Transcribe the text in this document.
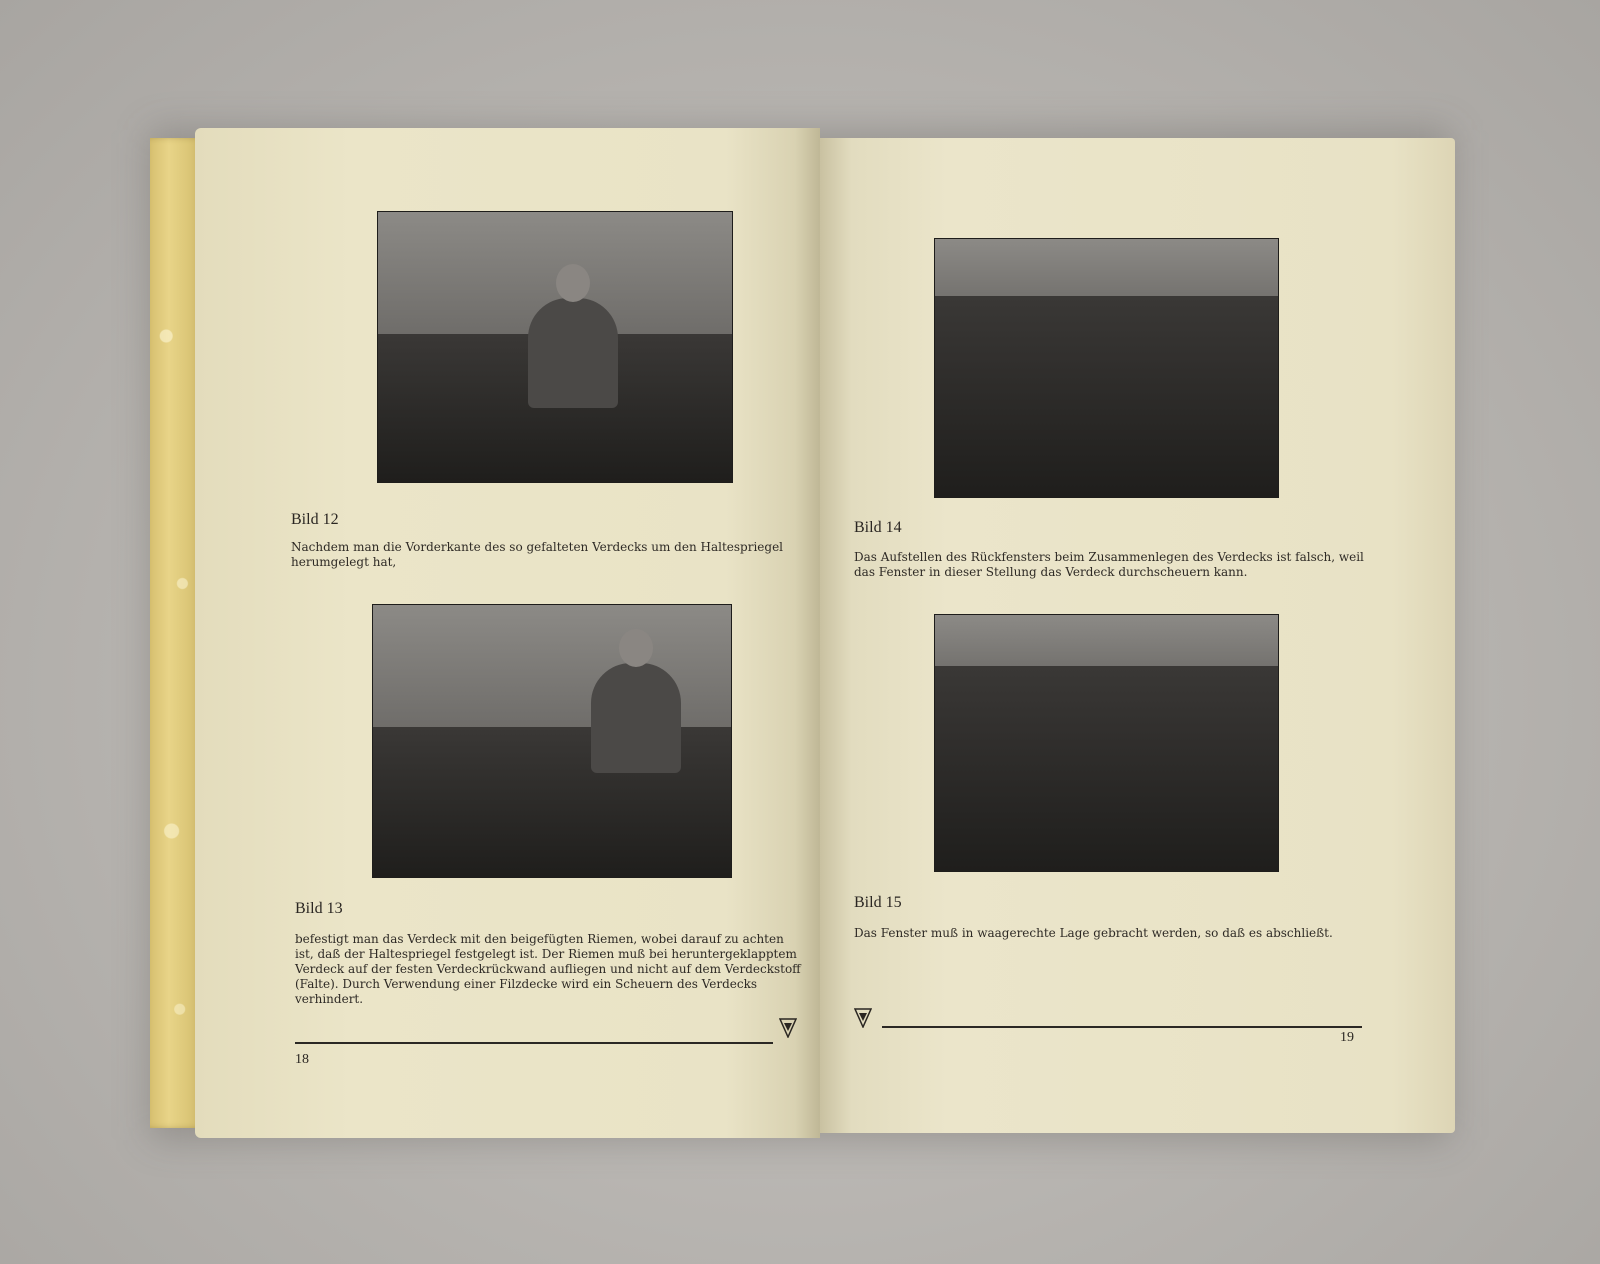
Bild 12
Nachdem man die Vorderkante des so gefalteten Verdecks um den Haltespriegel herumgelegt hat,
Bild 13
befestigt man das Verdeck mit den beigefügten Riemen, wobei darauf zu achten ist, daß der Haltespriegel festgelegt ist. Der Riemen muß bei heruntergeklapptem Verdeck auf der festen Verdeckrückwand aufliegen und nicht auf dem Verdeckstoff (Falte). Durch Verwendung einer Filzdecke wird ein Scheuern des Verdecks verhindert.
18
Bild 14
Das Aufstellen des Rückfensters beim Zusammenlegen des Verdecks ist falsch, weil das Fenster in dieser Stellung das Verdeck durchscheuern kann.
Bild 15
Das Fenster muß in waagerechte Lage gebracht werden, so daß es abschließt.
19
